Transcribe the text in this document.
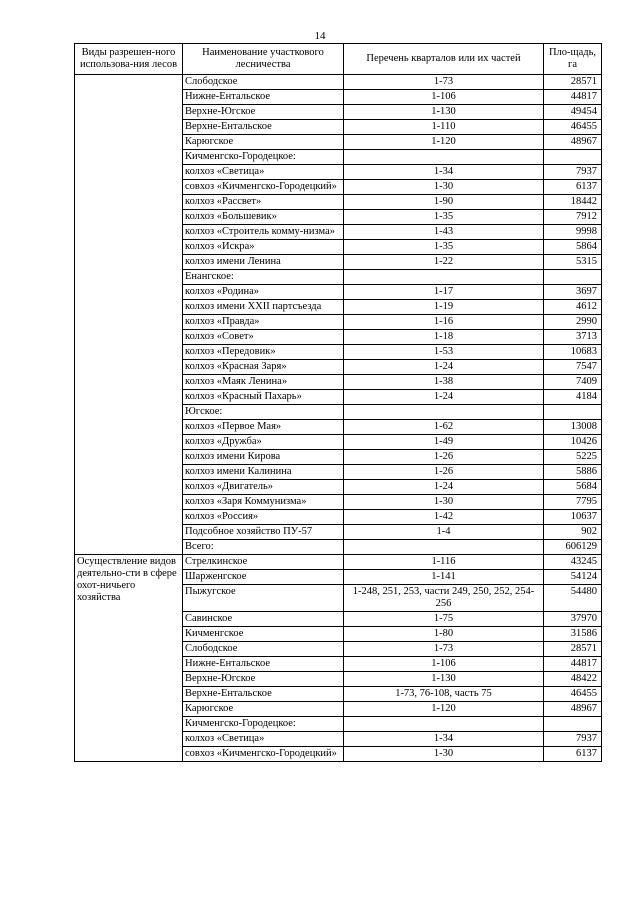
14
Виды разрешен-ного использова-ния лесов	Наименование участкового лесничества	Перечень кварталов или их частей	Пло-щадь, га
	Слободское	1-73	28571
	Нижне-Ентальское	1-106	44817
	Верхне-Югское	1-130	49454
	Верхне-Ентальское	1-110	46455
	Карюгское	1-120	48967
	Кичменгско-Городецкое:		
	колхоз «Светица»	1-34	7937
	совхоз «Кичменгско-Городецкий»	1-30	6137
	колхоз «Рассвет»	1-90	18442
	колхоз «Большевик»	1-35	7912
	колхоз «Строитель комму-низма»	1-43	9998
	колхоз «Искра»	1-35	5864
	колхоз имени Ленина	1-22	5315
	Енангское:		
	колхоз «Родина»	1-17	3697
	колхоз имени XXII партсъезда	1-19	4612
	колхоз «Правда»	1-16	2990
	колхоз «Совет»	1-18	3713
	колхоз «Передовик»	1-53	10683
	колхоз «Красная Заря»	1-24	7547
	колхоз «Маяк Ленина»	1-38	7409
	колхоз «Красный Пахарь»	1-24	4184
	Югское:		
	колхоз «Первое Мая»	1-62	13008
	колхоз «Дружба»	1-49	10426
	колхоз имени Кирова	1-26	5225
	колхоз имени Калинина	1-26	5886
	колхоз «Двигатель»	1-24	5684
	колхоз «Заря Коммунизма»	1-30	7795
	колхоз «Россия»	1-42	10637
	Подсобное хозяйство ПУ-57	1-4	902
	Всего:		606129
Осуществление видов деятельно-сти в сфере охот-ничьего хозяйства	Стрелкинское	1-116	43245
	Шарженгское	1-141	54124
	Пыжугское	1-248, 251, 253, части 249, 250, 252, 254-256	54480
	Савинское	1-75	37970
	Кичменгское	1-80	31586
	Слободское	1-73	28571
	Нижне-Ентальское	1-106	44817
	Верхне-Югское	1-130	48422
	Верхне-Ентальское	1-73, 76-108, часть 75	46455
	Карюгское	1-120	48967
	Кичменгско-Городецкое:		
	колхоз «Светица»	1-34	7937
	совхоз «Кичменгско-Городецкий»	1-30	6137
